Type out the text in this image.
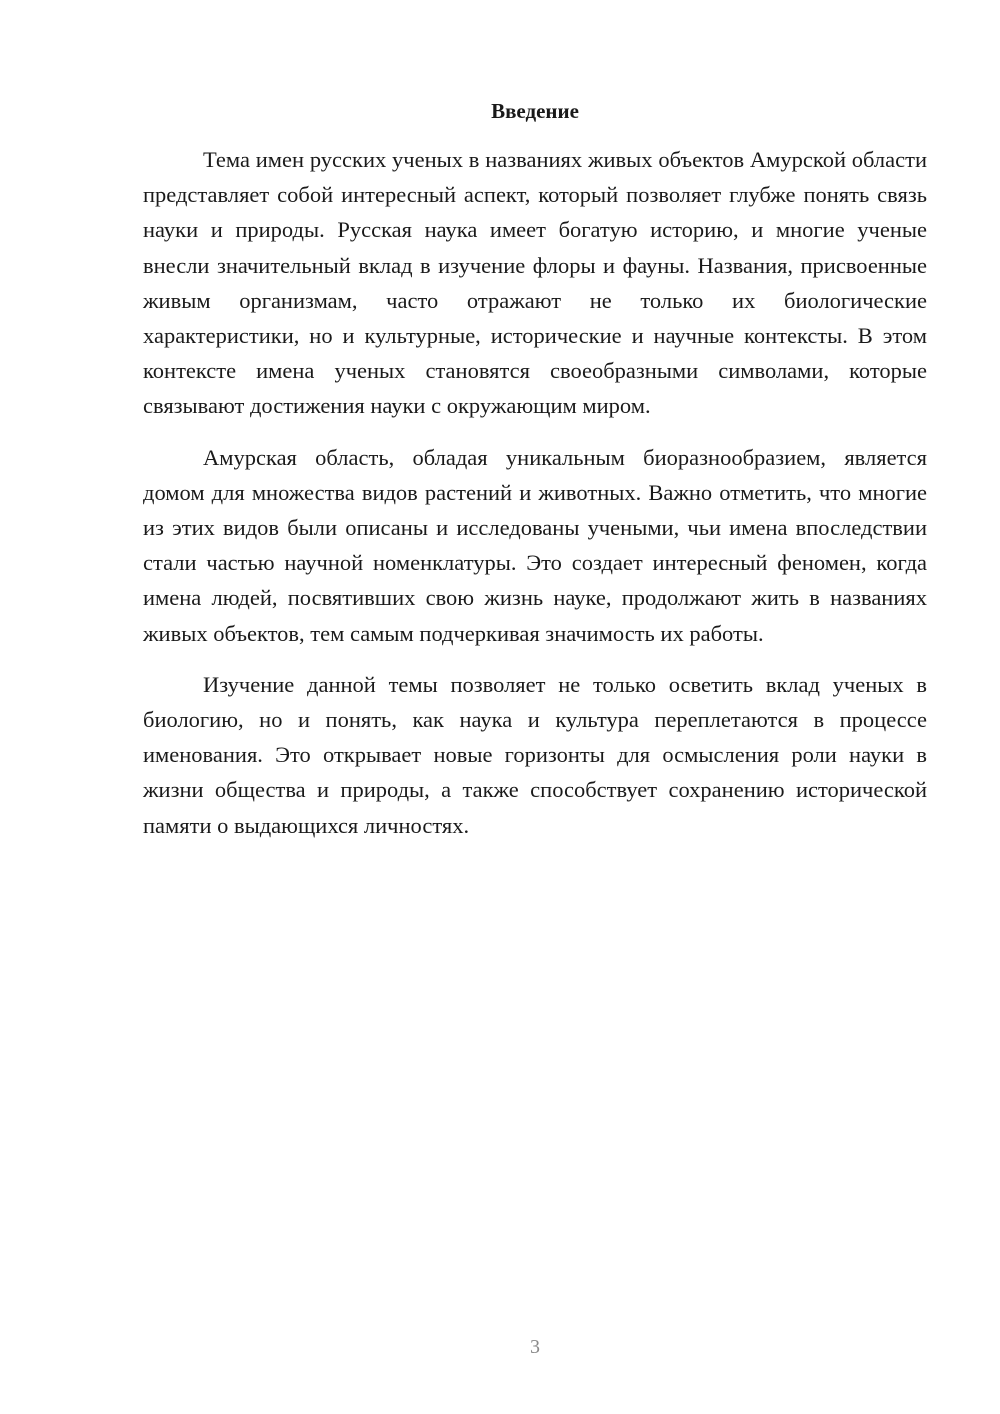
Введение

Тема имен русских ученых в названиях живых объектов Амурской области представляет собой интересный аспект, который позволяет глубже понять связь науки и природы. Русская наука имеет богатую историю, и многие ученые внесли значительный вклад в изучение флоры и фауны. Названия, присвоенные живым организмам, часто отражают не только их биологические характеристики, но и культурные, исторические и научные контексты. В этом контексте имена ученых становятся своеобразными символами, которые связывают достижения науки с окружающим миром.

Амурская область, обладая уникальным биоразнообразием, является домом для множества видов растений и животных. Важно отметить, что многие из этих видов были описаны и исследованы учеными, чьи имена впоследствии стали частью научной номенклатуры. Это создает интересный феномен, когда имена людей, посвятивших свою жизнь науке, продолжают жить в названиях живых объектов, тем самым подчеркивая значимость их работы.

Изучение данной темы позволяет не только осветить вклад ученых в биологию, но и понять, как наука и культура переплетаются в процессе именования. Это открывает новые горизонты для осмысления роли науки в жизни общества и природы, а также способствует сохранению исторической памяти о выдающихся личностях.

3
